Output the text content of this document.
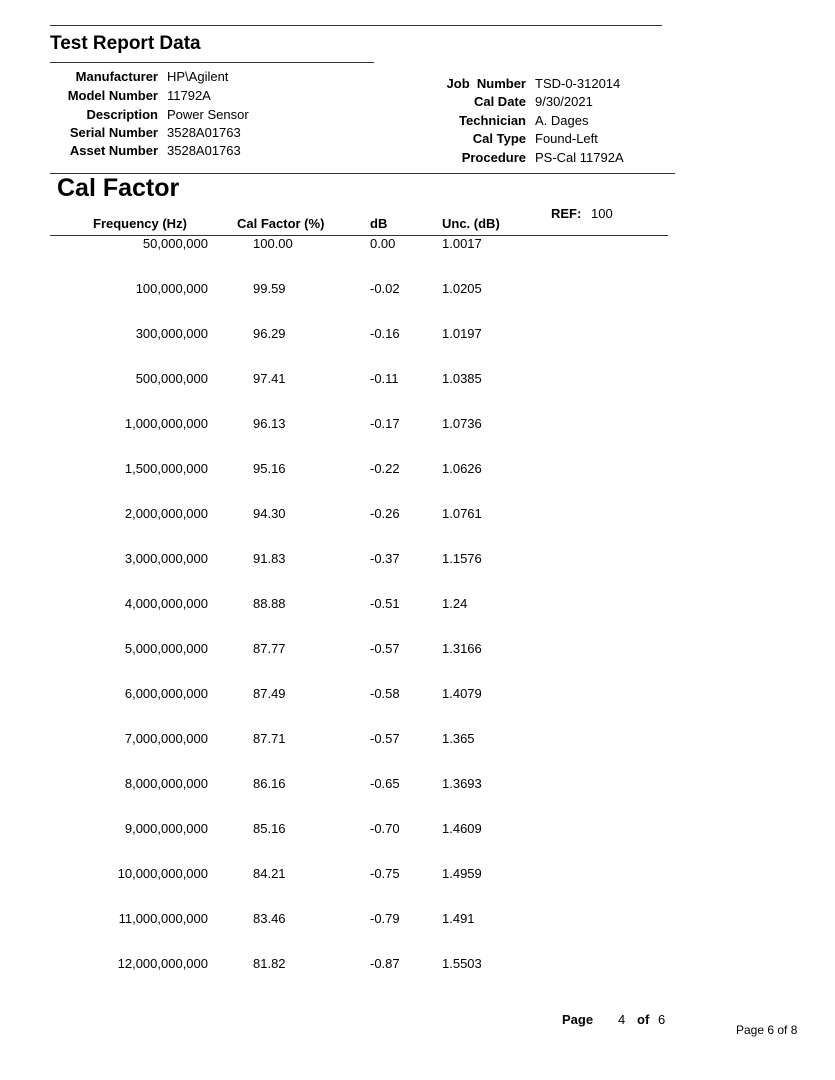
Test Report Data
Manufacturer HP\Agilent
Model Number 11792A
Description Power Sensor
Serial Number 3528A01763
Asset Number 3528A01763
Job  Number TSD-0-312014
Cal Date 9/30/2021
Technician A. Dages
Cal Type Found-Left
Procedure PS-Cal 11792A
Cal Factor
REF: 100
Frequency (Hz)	Cal Factor (%)	dB	Unc. (dB)
50,000,000	100.00	0.00	1.0017
100,000,000	99.59	-0.02	1.0205
300,000,000	96.29	-0.16	1.0197
500,000,000	97.41	-0.11	1.0385
1,000,000,000	96.13	-0.17	1.0736
1,500,000,000	95.16	-0.22	1.0626
2,000,000,000	94.30	-0.26	1.0761
3,000,000,000	91.83	-0.37	1.1576
4,000,000,000	88.88	-0.51	1.24
5,000,000,000	87.77	-0.57	1.3166
6,000,000,000	87.49	-0.58	1.4079
7,000,000,000	87.71	-0.57	1.365
8,000,000,000	86.16	-0.65	1.3693
9,000,000,000	85.16	-0.70	1.4609
10,000,000,000	84.21	-0.75	1.4959
11,000,000,000	83.46	-0.79	1.491
12,000,000,000	81.82	-0.87	1.5503
Page 4 of 6
Page 6 of 8
